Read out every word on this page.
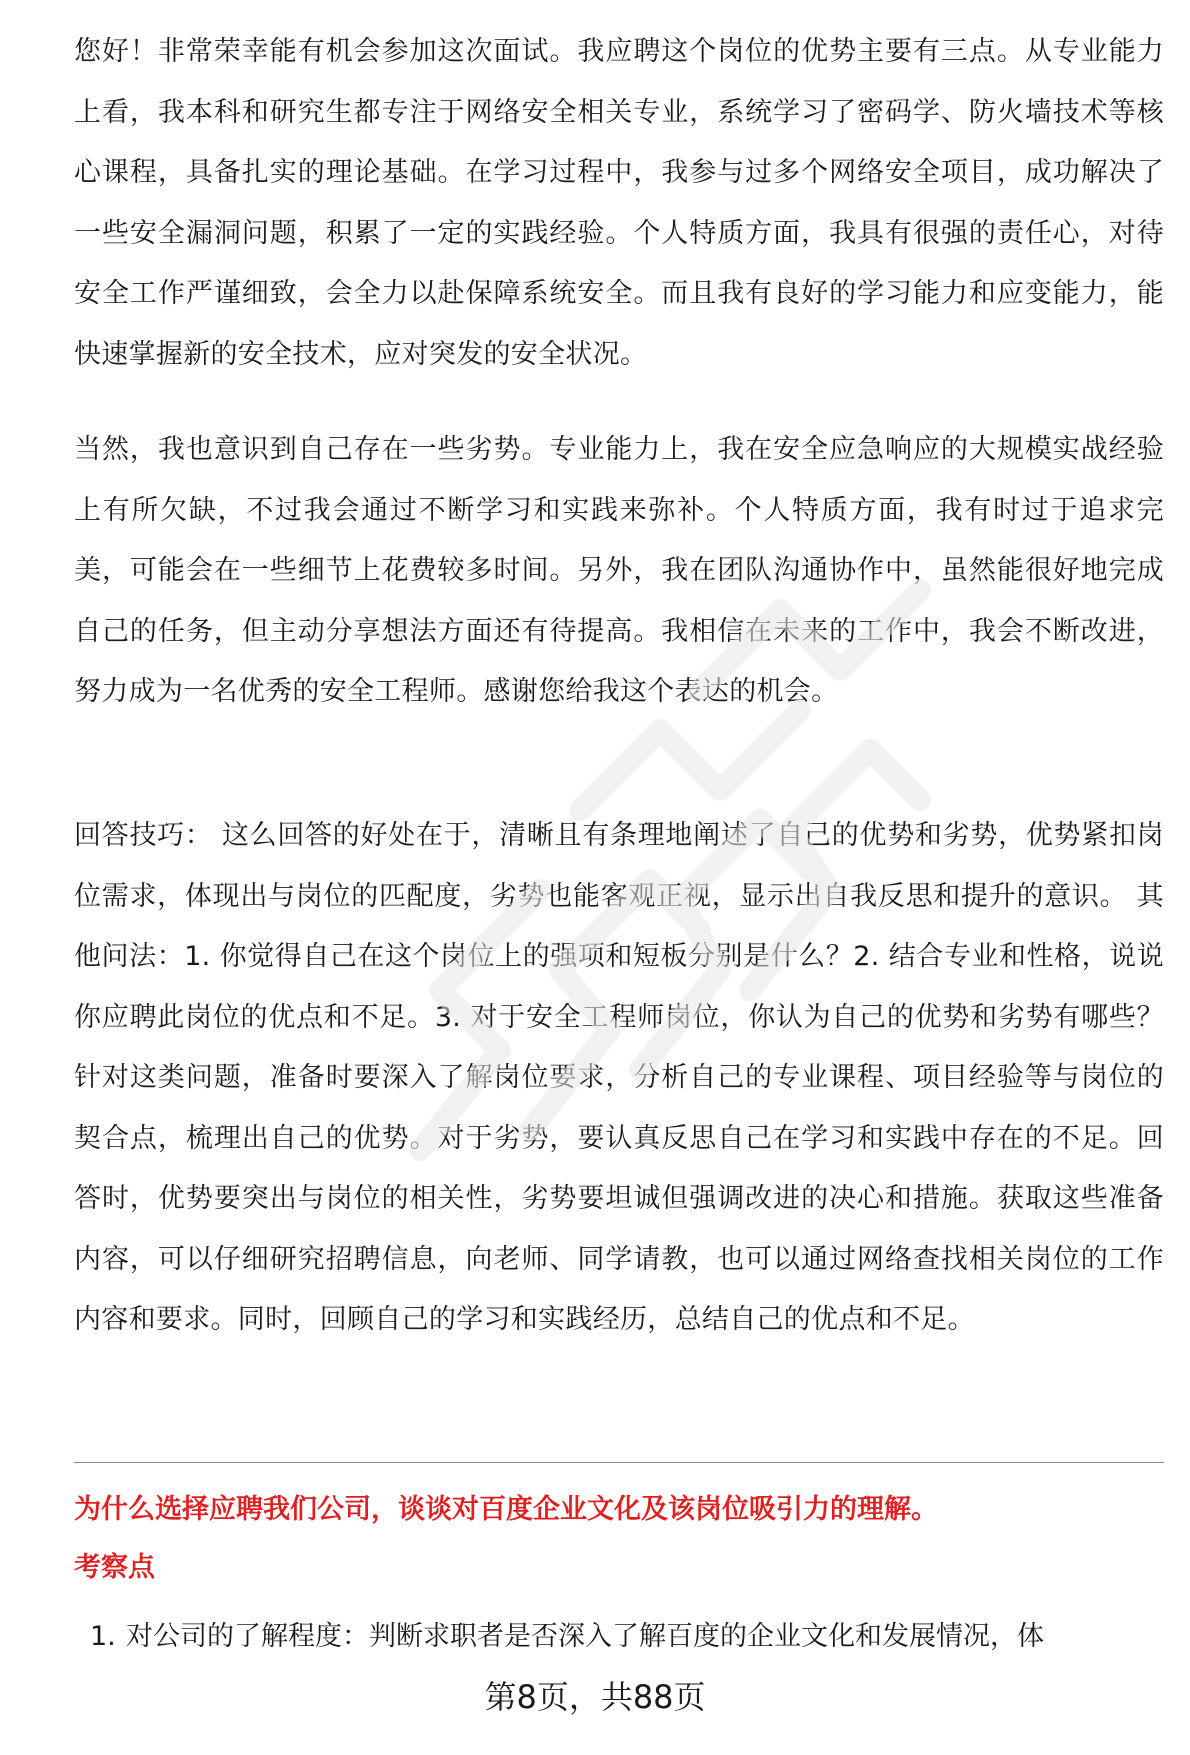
您好！非常荣幸能有机会参加这次面试。我应聘这个岗位的优势主要有三点。从专业能力上看，我本科和研究生都专注于网络安全相关专业，系统学习了密码学、防火墙技术等核心课程，具备扎实的理论基础。在学习过程中，我参与过多个网络安全项目，成功解决了一些安全漏洞问题，积累了一定的实践经验。个人特质方面，我具有很强的责任心，对待安全工作严谨细致，会全力以赴保障系统安全。而且我有良好的学习能力和应变能力，能快速掌握新的安全技术，应对突发的安全状况。

当然，我也意识到自己存在一些劣势。专业能力上，我在安全应急响应的大规模实战经验上有所欠缺，不过我会通过不断学习和实践来弥补。个人特质方面，我有时过于追求完美，可能会在一些细节上花费较多时间。另外，我在团队沟通协作中，虽然能很好地完成自己的任务，但主动分享想法方面还有待提高。我相信在未来的工作中，我会不断改进，努力成为一名优秀的安全工程师。感谢您给我这个表达的机会。

回答技巧： 这么回答的好处在于，清晰且有条理地阐述了自己的优势和劣势，优势紧扣岗位需求，体现出与岗位的匹配度，劣势也能客观正视，显示出自我反思和提升的意识。 其他问法：1. 你觉得自己在这个岗位上的强项和短板分别是什么？2. 结合专业和性格，说说你应聘此岗位的优点和不足。3. 对于安全工程师岗位，你认为自己的优势和劣势有哪些？ 针对这类问题，准备时要深入了解岗位要求，分析自己的专业课程、项目经验等与岗位的契合点，梳理出自己的优势。对于劣势，要认真反思自己在学习和实践中存在的不足。回答时，优势要突出与岗位的相关性，劣势要坦诚但强调改进的决心和措施。获取这些准备内容，可以仔细研究招聘信息，向老师、同学请教，也可以通过网络查找相关岗位的工作内容和要求。同时，回顾自己的学习和实践经历，总结自己的优点和不足。

为什么选择应聘我们公司，谈谈对百度企业文化及该岗位吸引力的理解。

考察点

1. 对公司的了解程度：判断求职者是否深入了解百度的企业文化和发展情况，体

第8页，共88页
